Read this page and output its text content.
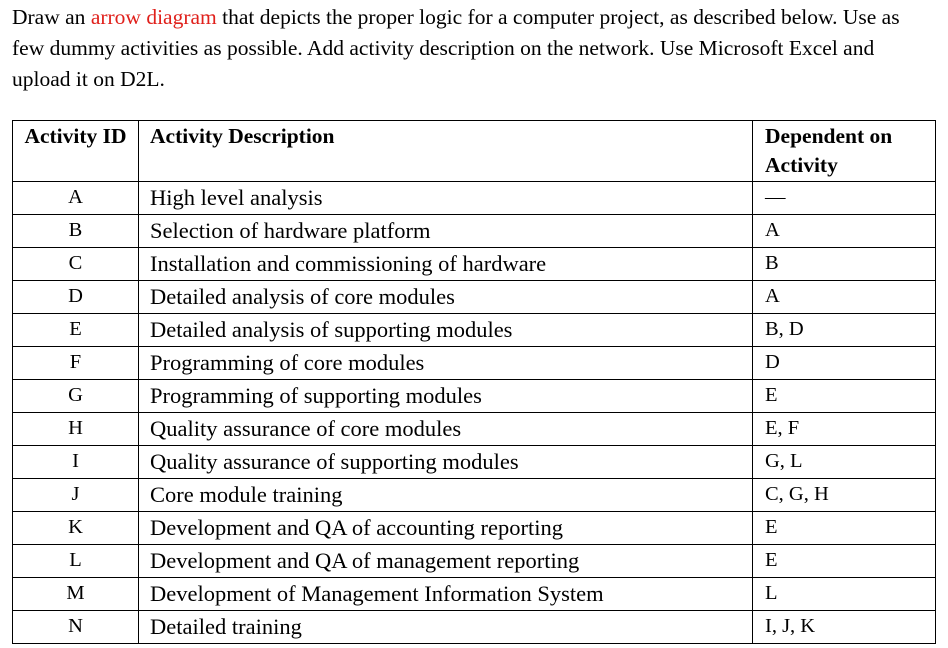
Draw an arrow diagram that depicts the proper logic for a computer project, as described below. Use as few dummy activities as possible. Add activity description on the network. Use Microsoft Excel and upload it on D2L.
Activity ID	Activity Description	Dependent on Activity
A	High level analysis	—
B	Selection of hardware platform	A
C	Installation and commissioning of hardware	B
D	Detailed analysis of core modules	A
E	Detailed analysis of supporting modules	B, D
F	Programming of core modules	D
G	Programming of supporting modules	E
H	Quality assurance of core modules	E, F
I	Quality assurance of supporting modules	G, L
J	Core module training	C, G, H
K	Development and QA of accounting reporting	E
L	Development and QA of management reporting	E
M	Development of Management Information System	L
N	Detailed training	I, J, K
